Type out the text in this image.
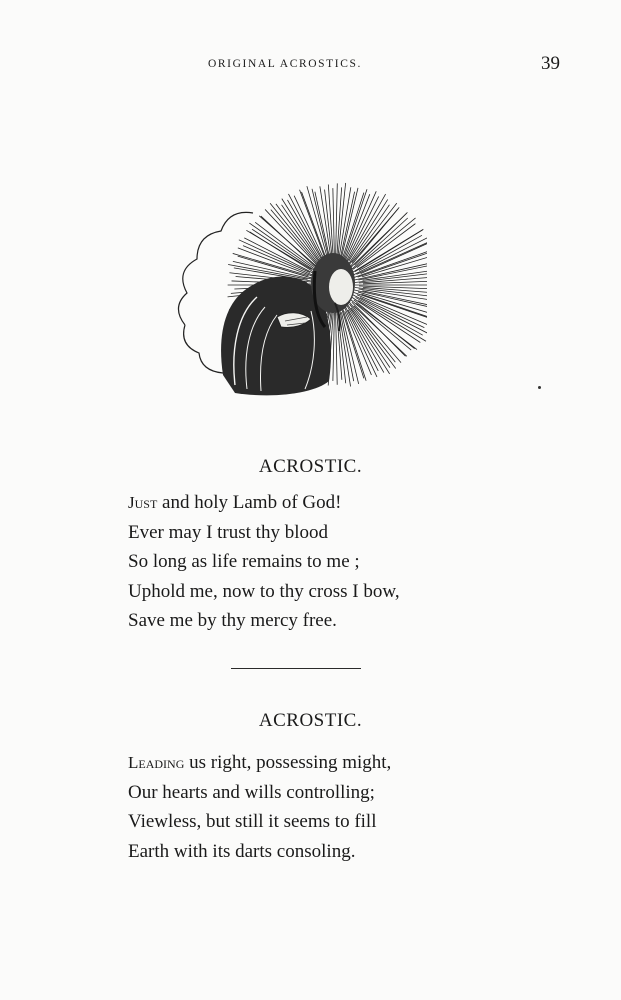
ORIGINAL ACROSTICS.	39
ACROSTIC.
Just and holy Lamb of God!
Ever may I trust thy blood
So long as life remains to me ;
Uphold me, now to thy cross I bow,
Save me by thy mercy free.
ACROSTIC.
Leading us right, possessing might,
Our hearts and wills controlling;
Viewless, but still it seems to fill
Earth with its darts consoling.
